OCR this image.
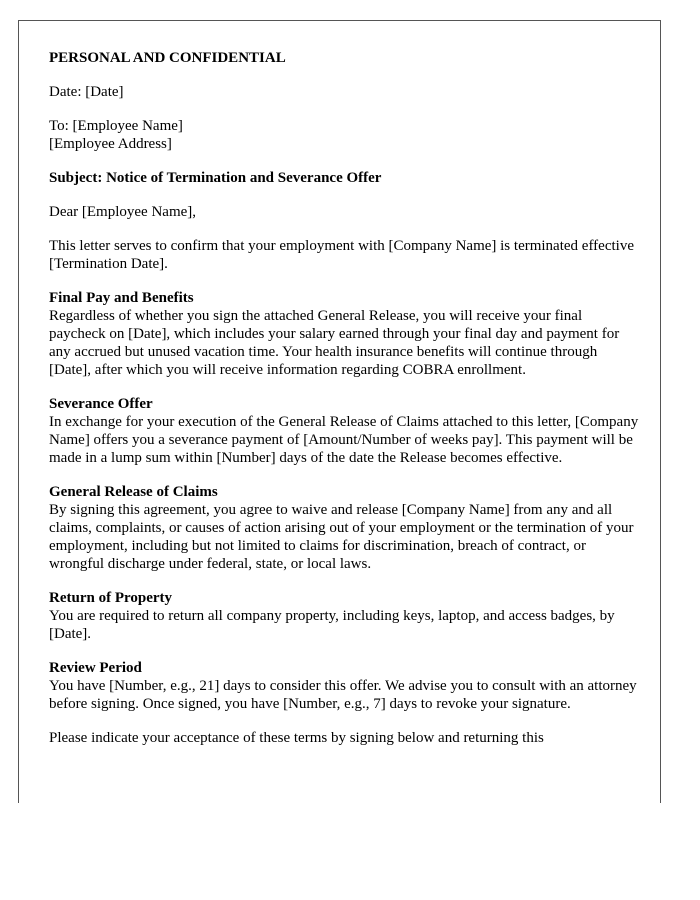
PERSONAL AND CONFIDENTIAL

Date: [Date]

To: [Employee Name]
[Employee Address]

Subject: Notice of Termination and Severance Offer

Dear [Employee Name],

This letter serves to confirm that your employment with [Company Name] is terminated effective [Termination Date].

Final Pay and Benefits
Regardless of whether you sign the attached General Release, you will receive your final paycheck on [Date], which includes your salary earned through your final day and payment for any accrued but unused vacation time. Your health insurance benefits will continue through [Date], after which you will receive information regarding COBRA enrollment.
Severance Offer
In exchange for your execution of the General Release of Claims attached to this letter, [Company Name] offers you a severance payment of [Amount/Number of weeks pay]. This payment will be made in a lump sum within [Number] days of the date the Release becomes effective.
General Release of Claims
By signing this agreement, you agree to waive and release [Company Name] from any and all claims, complaints, or causes of action arising out of your employment or the termination of your employment, including but not limited to claims for discrimination, breach of contract, or wrongful discharge under federal, state, or local laws.
Return of Property
You are required to return all company property, including keys, laptop, and access badges, by [Date].
Review Period
You have [Number, e.g., 21] days to consider this offer. We advise you to consult with an attorney before signing. Once signed, you have [Number, e.g., 7] days to revoke your signature.

Please indicate your acceptance of these terms by signing below and returning this
